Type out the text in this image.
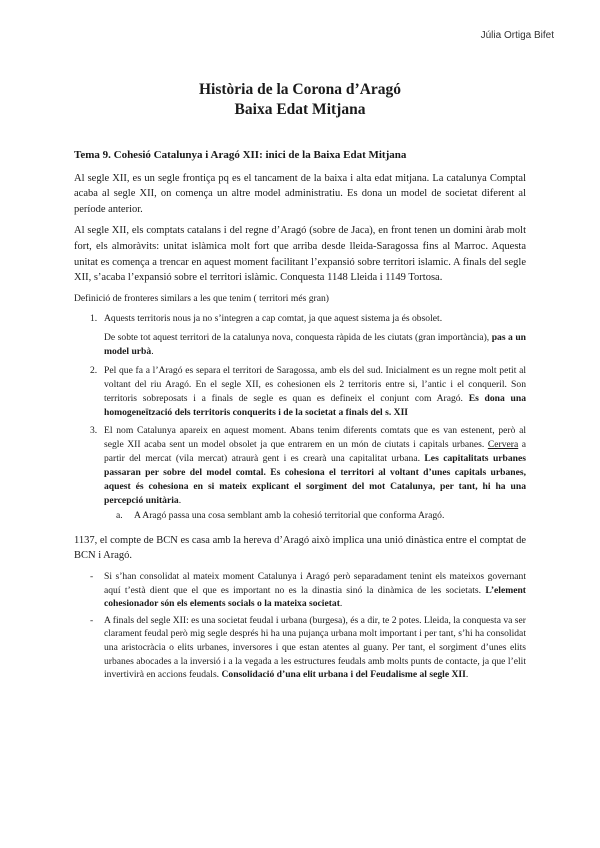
Júlia Ortiga Bifet
Història de la Corona d’Aragó
Baixa Edat Mitjana
Tema 9. Cohesió Catalunya i Aragó XII: inici de la Baixa Edat Mitjana

Al segle XII, es un segle frontiça pq es el tancament de la baixa i alta edat mitjana. La catalunya Comptal acaba al segle XII, on comença un altre model administratiu. Es dona un model de societat diferent al període anterior.

Al segle XII, els comptats catalans i del regne d’Aragó (sobre de Jaca), en front tenen un domini àrab molt fort, els almoràvits: unitat islàmica molt fort que arriba desde lleida-Saragossa fins al Marroc. Aquesta unitat es comença a trencar en aquest moment facilitant l’expansió sobre territori islamic. A finals del segle XII, s’acaba l’expansió sobre el territori islàmic. Conquesta 1148 Lleida i 1149 Tortosa.

Definició de fronteres similars a les que tenim ( territori més gran)

1. Aquests territoris nous ja no s’integren a cap comtat, ja que aquest sistema ja és obsolet.

De sobte tot aquest territori de la catalunya nova, conquesta ràpida de les ciutats (gran importància), pas a un model urbà.

2. Pel que fa a l’Aragó es separa el territori de Saragossa, amb els del sud. Inicialment es un regne molt petit al voltant del riu Aragó. En el segle XII, es cohesionen els 2 territoris entre si, l’antic i el conqueril. Son territoris sobreposats i a finals de segle es quan es defineix el conjunt com Aragó. Es dona una homogeneïtzació dels territoris conquerits i de la societat a finals del s. XII
3. El nom Catalunya apareix en aquest moment. Abans tenim diferents comtats que es van estenent, però al segle XII acaba sent un model obsolet ja que entrarem en un món de ciutats i capitals urbanes. Cervera a partir del mercat (vila mercat) atraurà gent i es crearà una capitalitat urbana. Les capitalitats urbanes passaran per sobre del model comtal. Es cohesiona el territori al voltant d’unes capitals urbanes, aquest és cohesiona en si mateix explicant el sorgiment del mot Catalunya, per tant, hi ha una percepció unitària.
a. A Aragó passa una cosa semblant amb la cohesió territorial que conforma Aragó.

1137, el compte de BCN es casa amb la hereva d’Aragó això implica una unió dinàstica entre el comptat de BCN i Aragó.

- Si s’han consolidat al mateix moment Catalunya i Aragó però separadament tenint els mateixos governant aquí t’està dient que el que es important no es la dinastia sinó la dinàmica de les societats. L’element cohesionador són els elements socials o la mateixa societat.
- A finals del segle XII: es una societat feudal i urbana (burgesa), és a dir, te 2 potes. Lleida, la conquesta va ser clarament feudal però mig segle després hi ha una pujança urbana molt important i per tant, s’hi ha consolidat una aristocràcia o elits urbanes, inversores i que estan atentes al guany. Per tant, el sorgiment d’unes elits urbanes abocades a la inversió i a la vegada a les estructures feudals amb molts punts de contacte, ja que l’elit invertivirà en accions feudals. Consolidació d’una elit urbana i del Feudalisme al segle XII.
